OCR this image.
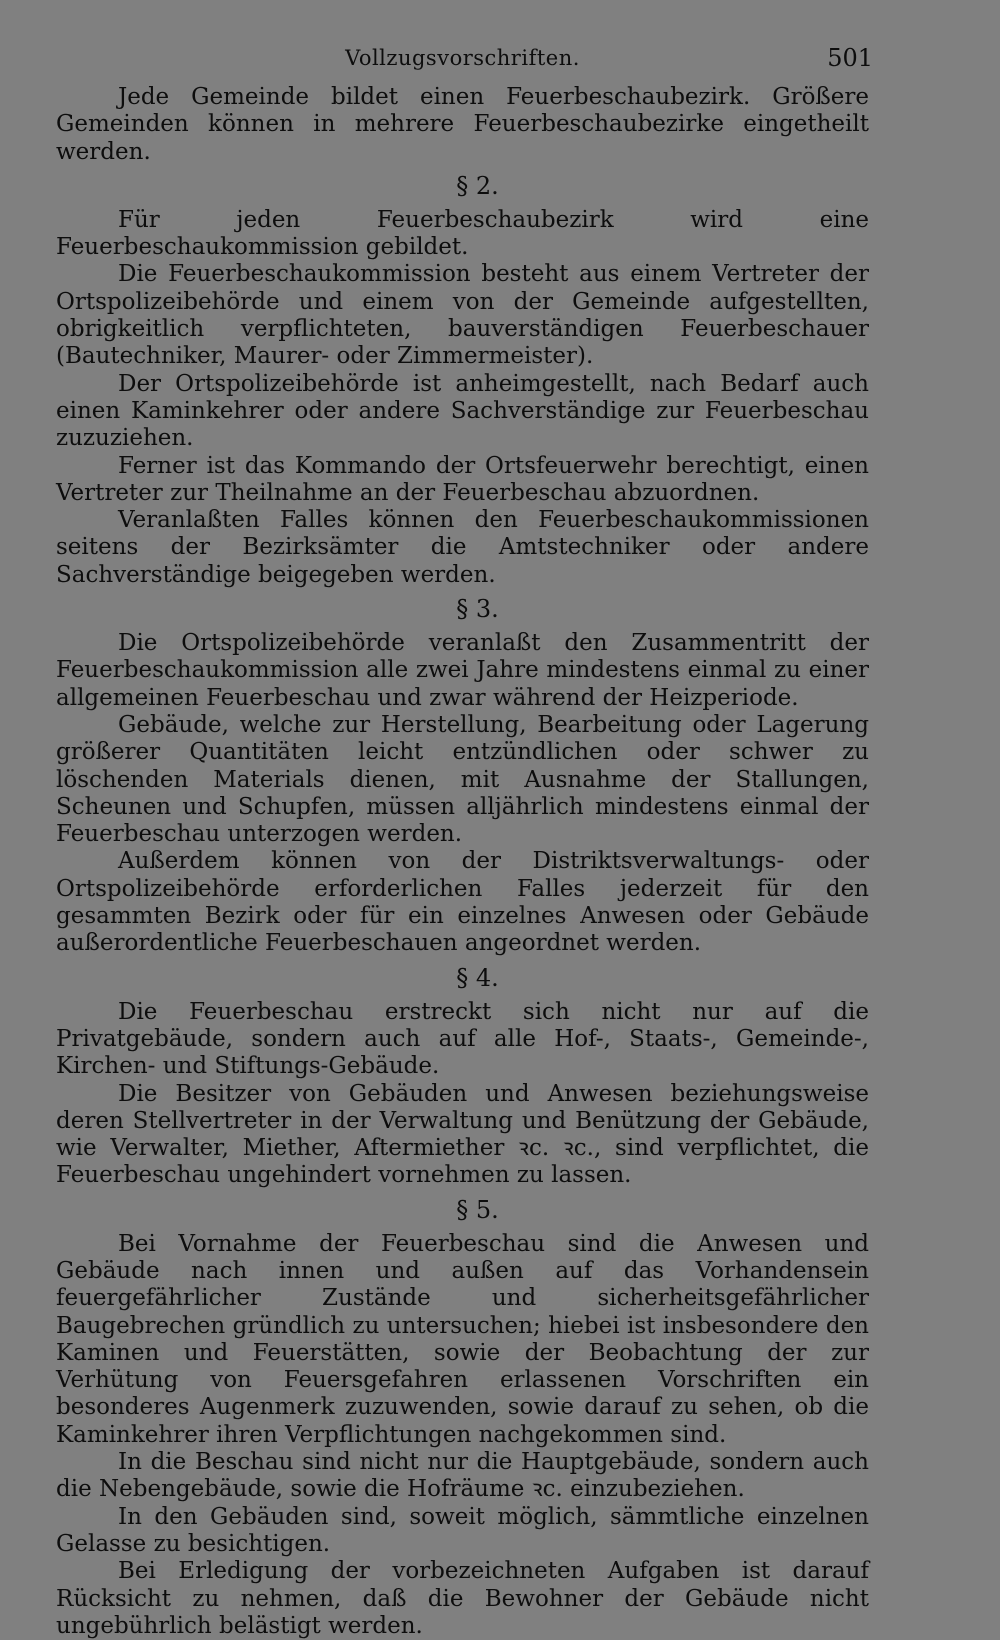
Vollzugsvorschriften.	501

Jede Gemeinde bildet einen Feuerbeschaubezirk. Größere Gemeinden können in mehrere Feuerbeschaubezirke eingetheilt werden.

§ 2.

Für jeden Feuerbeschaubezirk wird eine Feuerbeschaukommission gebildet.

Die Feuerbeschaukommission besteht aus einem Vertreter der Ortspolizeibehörde und einem von der Gemeinde aufgestellten, obrigkeitlich verpflichteten, bauverständigen Feuerbeschauer (Bautechniker, Maurer- oder Zimmermeister).

Der Ortspolizeibehörde ist anheimgestellt, nach Bedarf auch einen Kaminkehrer oder andere Sachverständige zur Feuerbeschau zuzuziehen.

Ferner ist das Kommando der Ortsfeuerwehr berechtigt, einen Vertreter zur Theilnahme an der Feuerbeschau abzuordnen.

Veranlaßten Falles können den Feuerbeschaukommissionen seitens der Bezirksämter die Amtstechniker oder andere Sachverständige beigegeben werden.

§ 3.

Die Ortspolizeibehörde veranlaßt den Zusammentritt der Feuerbeschaukommission alle zwei Jahre mindestens einmal zu einer allgemeinen Feuerbeschau und zwar während der Heizperiode.

Gebäude, welche zur Herstellung, Bearbeitung oder Lagerung größerer Quantitäten leicht entzündlichen oder schwer zu löschenden Materials dienen, mit Ausnahme der Stallungen, Scheunen und Schupfen, müssen alljährlich mindestens einmal der Feuerbeschau unterzogen werden.

Außerdem können von der Distriktsverwaltungs- oder Ortspolizeibehörde erforderlichen Falles jederzeit für den gesammten Bezirk oder für ein einzelnes Anwesen oder Gebäude außerordentliche Feuerbeschauen angeordnet werden.

§ 4.

Die Feuerbeschau erstreckt sich nicht nur auf die Privatgebäude, sondern auch auf alle Hof-, Staats-, Gemeinde-, Kirchen- und Stiftungs-Gebäude.

Die Besitzer von Gebäuden und Anwesen beziehungsweise deren Stellvertreter in der Verwaltung und Benützung der Gebäude, wie Verwalter, Miether, Aftermiether ꝛc. ꝛc., sind verpflichtet, die Feuerbeschau ungehindert vornehmen zu lassen.

§ 5.

Bei Vornahme der Feuerbeschau sind die Anwesen und Gebäude nach innen und außen auf das Vorhandensein feuergefährlicher Zustände und sicherheitsgefährlicher Baugebrechen gründlich zu untersuchen; hiebei ist insbesondere den Kaminen und Feuerstätten, sowie der Beobachtung der zur Verhütung von Feuersgefahren erlassenen Vorschriften ein besonderes Augenmerk zuzuwenden, sowie darauf zu sehen, ob die Kaminkehrer ihren Verpflichtungen nachgekommen sind.

In die Beschau sind nicht nur die Hauptgebäude, sondern auch die Nebengebäude, sowie die Hofräume ꝛc. einzubeziehen.

In den Gebäuden sind, soweit möglich, sämmtliche einzelnen Gelasse zu besichtigen.

Bei Erledigung der vorbezeichneten Aufgaben ist darauf Rücksicht zu nehmen, daß die Bewohner der Gebäude nicht ungebührlich belästigt werden.
